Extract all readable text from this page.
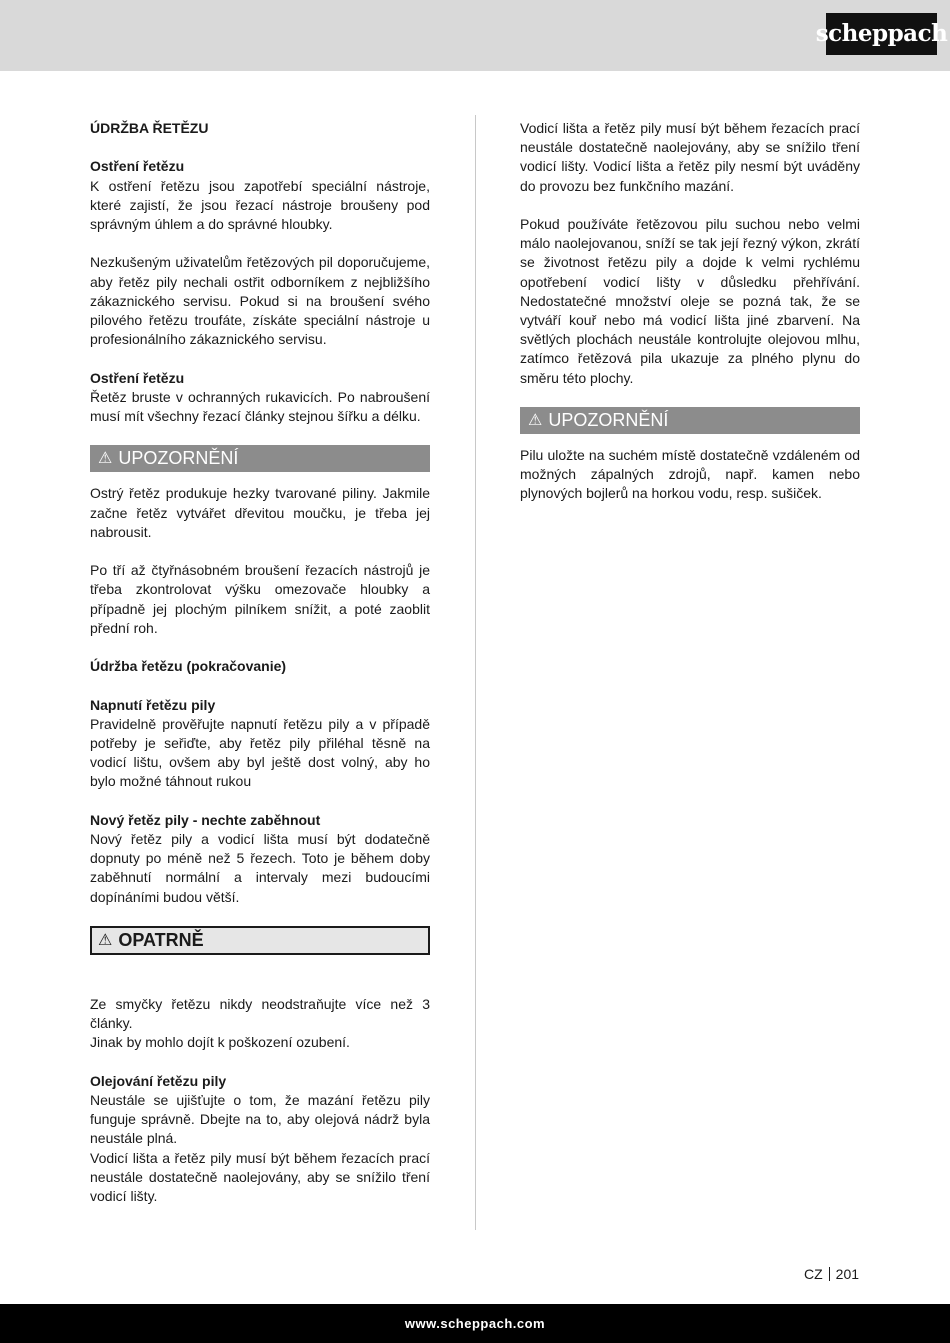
scheppach

ÚDRŽBA ŘETĚZU

Ostření řetězu

K ostření řetězu jsou zapotřebí speciální nástroje, které zajistí, že jsou řezací nástroje broušeny pod správným úhlem a do správné hloubky.

Nezkušeným uživatelům řetězových pil doporučujeme, aby řetěz pily nechali ostřit odborníkem z nejbližšího zákaznického servisu. Pokud si na broušení svého pilového řetězu troufáte, získáte speciální nástroje u profesionálního zákaznického servisu.

Ostření řetězu

Řetěz bruste v ochranných rukavicích. Po nabroušení musí mít všechny řezací články stejnou šířku a délku.

⚠ UPOZORNĚNÍ

Ostrý řetěz produkuje hezky tvarované piliny. Jakmile začne řetěz vytvářet dřevitou moučku, je třeba jej nabrousit.

Po tří až čtyřnásobném broušení řezacích nástrojů je třeba zkontrolovat výšku omezovače hloubky a případně jej plochým pilníkem snížit, a poté zaoblit přední roh.

Údržba řetězu (pokračovanie)

Napnutí řetězu pily

Pravidelně prověřujte napnutí řetězu pily a v případě potřeby je seřiďte, aby řetěz pily přiléhal těsně na vodicí lištu, ovšem aby byl ještě dost volný, aby ho bylo možné táhnout rukou

Nový řetěz pily - nechte zaběhnout

Nový řetěz pily a vodicí lišta musí být dodatečně dopnuty po méně než 5 řezech. Toto je během doby zaběhnutí normální a intervaly mezi budoucími dopínáními budou větší.

⚠ OPATRNĚ

Ze smyčky řetězu nikdy neodstraňujte více než 3 články.

Jinak by mohlo dojít k poškození ozubení.

Olejování řetězu pily

Neustále se ujišťujte o tom, že mazání řetězu pily funguje správně. Dbejte na to, aby olejová nádrž byla neustále plná.

Vodicí lišta a řetěz pily musí být během řezacích prací neustále dostatečně naolejovány, aby se snížilo tření vodicí lišty.

Vodicí lišta a řetěz pily musí být během řezacích prací neustále dostatečně naolejovány, aby se snížilo tření vodicí lišty. Vodicí lišta a řetěz pily nesmí být uváděny do provozu bez funkčního mazání.

Pokud používáte řetězovou pilu suchou nebo velmi málo naolejovanou, sníží se tak její řezný výkon, zkrátí se životnost řetězu pily a dojde k velmi rychlému opotřebení vodicí lišty v důsledku přehřívání. Nedostatečné množství oleje se pozná tak, že se vytváří kouř nebo má vodicí lišta jiné zbarvení. Na světlých plochách neustále kontrolujte olejovou mlhu, zatímco řetězová pila ukazuje za plného plynu do směru této plochy.

⚠ UPOZORNĚNÍ

Pilu uložte na suchém místě dostatečně vzdáleném od možných zápalných zdrojů, např. kamen nebo plynových bojlerů na horkou vodu, resp. sušiček.

CZ 201
www.scheppach.com
